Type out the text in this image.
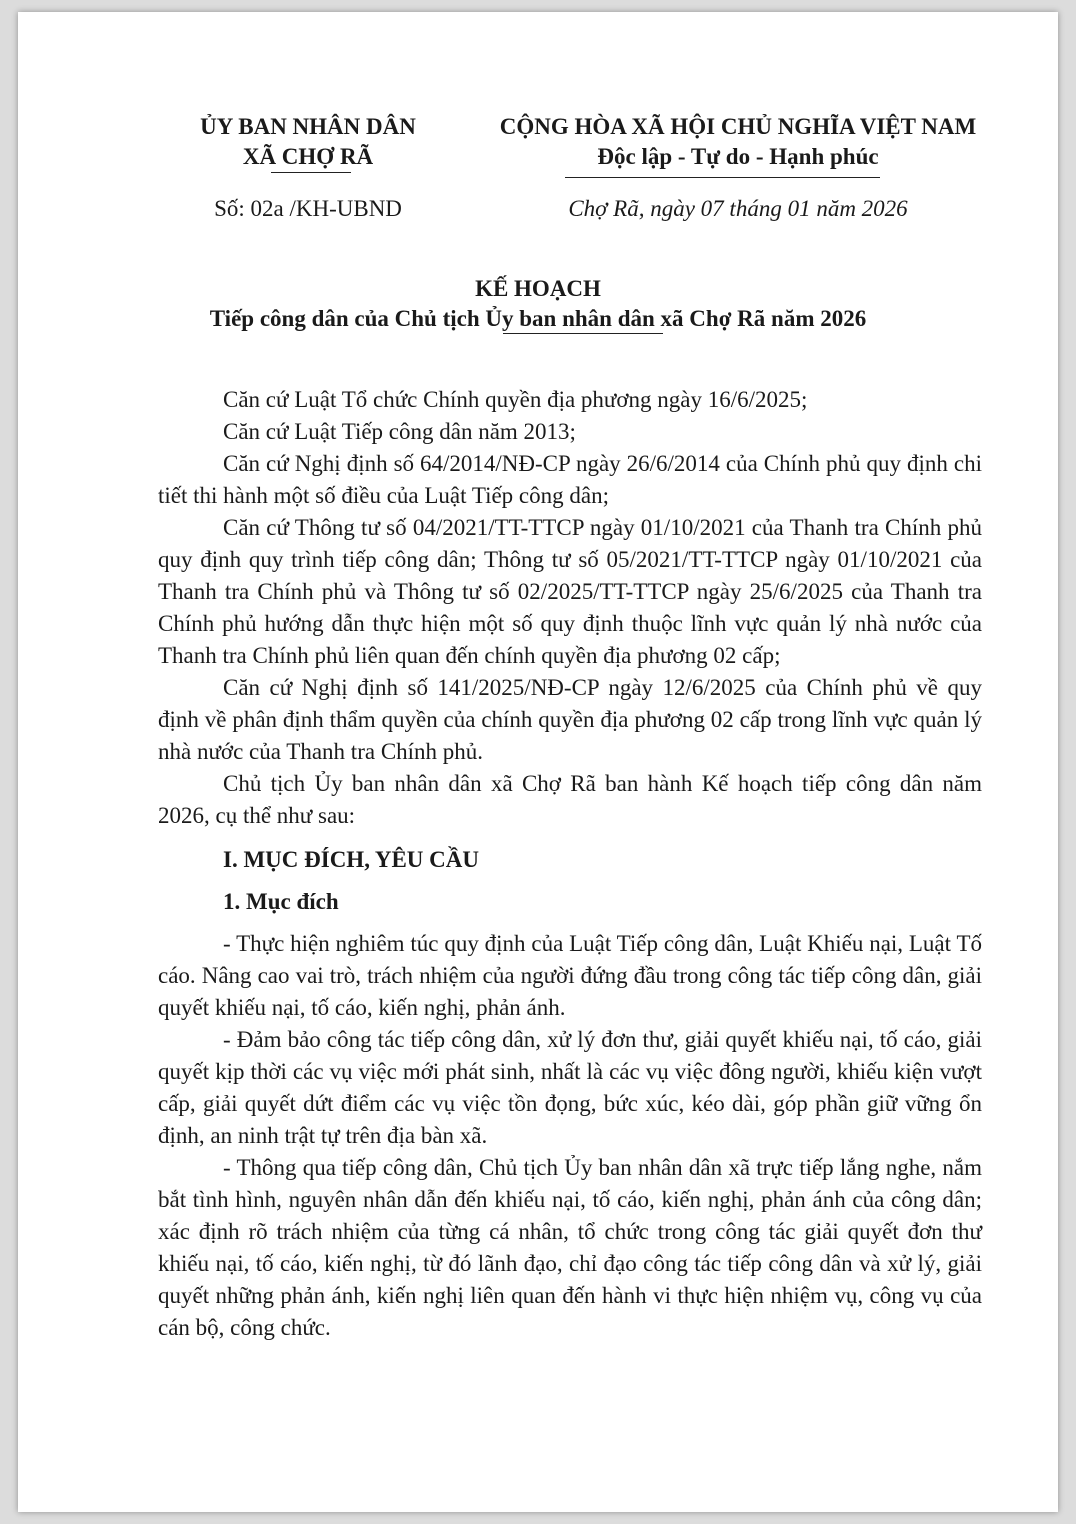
ỦY BAN NHÂN DÂN
XÃ CHỢ RÃ
CỘNG HÒA XÃ HỘI CHỦ NGHĨA VIỆT NAM
Độc lập - Tự do - Hạnh phúc
Số: 02a /KH-UBND	Chợ Rã, ngày 07 tháng 01 năm 2026
KẾ HOẠCH
Tiếp công dân của Chủ tịch Ủy ban nhân dân xã Chợ Rã năm 2026

Căn cứ Luật Tổ chức Chính quyền địa phương ngày 16/6/2025;

Căn cứ Luật Tiếp công dân năm 2013;

Căn cứ Nghị định số 64/2014/NĐ-CP ngày 26/6/2014 của Chính phủ quy định chi tiết thi hành một số điều của Luật Tiếp công dân;

Căn cứ Thông tư số 04/2021/TT-TTCP ngày 01/10/2021 của Thanh tra Chính phủ quy định quy trình tiếp công dân; Thông tư số 05/2021/TT-TTCP ngày 01/10/2021 của Thanh tra Chính phủ và Thông tư số 02/2025/TT-TTCP ngày 25/6/2025 của Thanh tra Chính phủ hướng dẫn thực hiện một số quy định thuộc lĩnh vực quản lý nhà nước của Thanh tra Chính phủ liên quan đến chính quyền địa phương 02 cấp;

Căn cứ Nghị định số 141/2025/NĐ-CP ngày 12/6/2025 của Chính phủ về quy định về phân định thẩm quyền của chính quyền địa phương 02 cấp trong lĩnh vực quản lý nhà nước của Thanh tra Chính phủ.

Chủ tịch Ủy ban nhân dân xã Chợ Rã ban hành Kế hoạch tiếp công dân năm 2026, cụ thể như sau:

I. MỤC ĐÍCH, YÊU CẦU
1. Mục đích

- Thực hiện nghiêm túc quy định của Luật Tiếp công dân, Luật Khiếu nại, Luật Tố cáo. Nâng cao vai trò, trách nhiệm của người đứng đầu trong công tác tiếp công dân, giải quyết khiếu nại, tố cáo, kiến nghị, phản ánh.

- Đảm bảo công tác tiếp công dân, xử lý đơn thư, giải quyết khiếu nại, tố cáo, giải quyết kịp thời các vụ việc mới phát sinh, nhất là các vụ việc đông người, khiếu kiện vượt cấp, giải quyết dứt điểm các vụ việc tồn đọng, bức xúc, kéo dài, góp phần giữ vững ổn định, an ninh trật tự trên địa bàn xã.

- Thông qua tiếp công dân, Chủ tịch Ủy ban nhân dân xã trực tiếp lắng nghe, nắm bắt tình hình, nguyên nhân dẫn đến khiếu nại, tố cáo, kiến nghị, phản ánh của công dân; xác định rõ trách nhiệm của từng cá nhân, tổ chức trong công tác giải quyết đơn thư khiếu nại, tố cáo, kiến nghị, từ đó lãnh đạo, chỉ đạo công tác tiếp công dân và xử lý, giải quyết những phản ánh, kiến nghị liên quan đến hành vi thực hiện nhiệm vụ, công vụ của cán bộ, công chức.
